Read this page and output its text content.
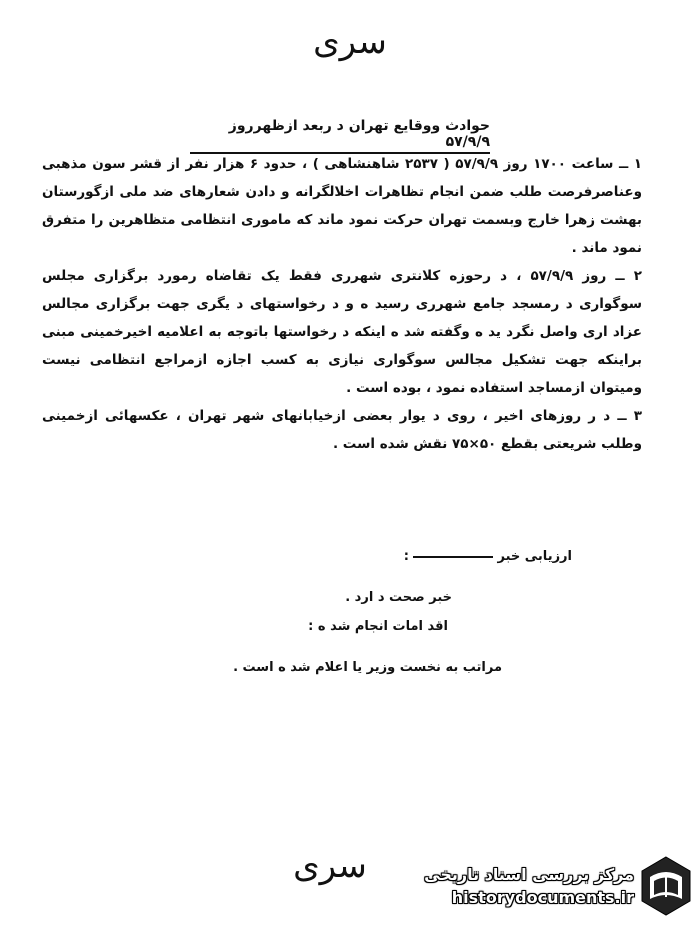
سری
حوادث ووقایع تهران د ربعد ازظهرروز ۵۷/۹/۹
۱ ــ ساعت ۱۷۰۰ روز ۵۷/۹/۹ ( ۲۵۳۷ شاهنشاهی ) ، حدود ۶ هزار نفر از قشر سون مذهبی وعناصرفرصت طلب ضمن انجام تظاهرات اخلالگرانه و دادن شعارهای ضد ملی ازگورستان بهشت زهرا خارج وبسمت تهران حرکت نمود ماند که ماموری انتظامی متظاهرین را متفرق نمود ماند .
۲ ــ روز ۵۷/۹/۹ ، د رحوزه کلانتری شهرری فقط یک تقاضاه رمورد برگزاری مجلس سوگواری د رمسجد جامع شهرری رسید ه و د رخواستهای د یگری جهت برگزاری مجالس عزاد اری واصل نگرد ید ه وگفته شد ه اینکه د رخواستها باتوجه به اعلامیه اخیرخمینی مبنی براینکه جهت تشکیل مجالس سوگواری نیازی به کسب اجازه ازمراجع انتظامی نیست ومیتوان ازمساجد استفاده نمود ، بوده است .
۳ ــ د ر روزهای اخیر ، روی د یوار بعضی ازخیابانهای شهر تهران ، عکسهائی ازخمینی وطلب شریعتی بقطع ۵۰×۷۵ نقش شده است .
ارزیابی خبر :
خبر صحت د ارد .
اقد امات انجام شد ه :
مراتب به نخست وزیر یا اعلام شد ه است .
سری	مرکز بررسی اسناد تاریخی
historydocuments.ir
